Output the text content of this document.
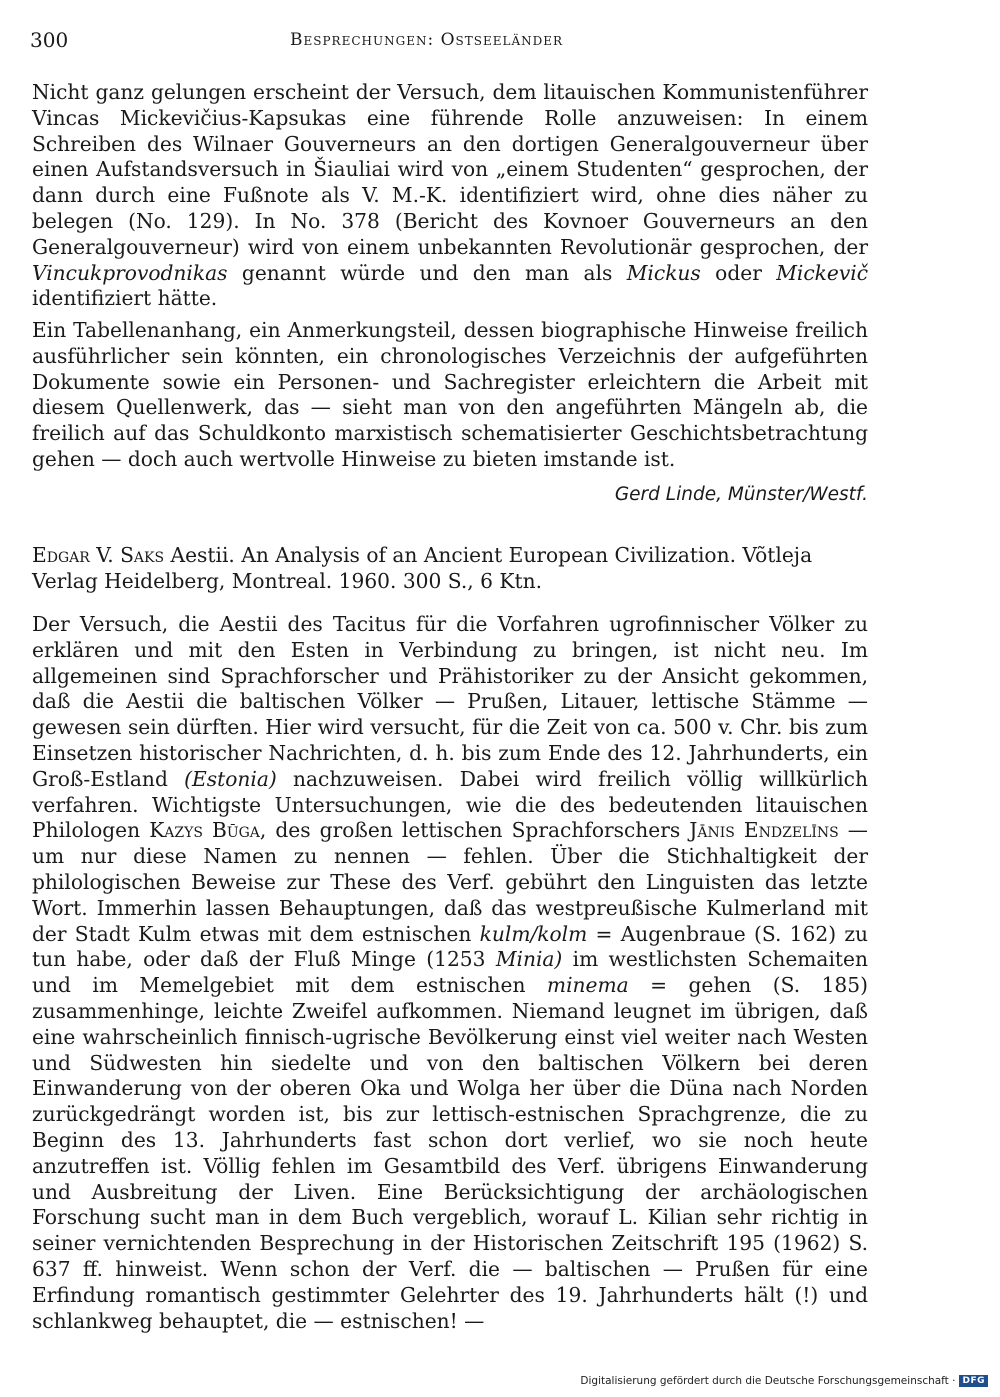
300	Besprechungen: Ostseeländer
Nicht ganz gelungen erscheint der Versuch, dem litauischen Kommunistenführer Vincas Mickevičius-Kapsukas eine führende Rolle anzuweisen: In einem Schreiben des Wilnaer Gouverneurs an den dortigen Generalgouverneur über einen Aufstandsversuch in Šiauliai wird von „einem Studenten“ gesprochen, der dann durch eine Fußnote als V. M.-K. identifiziert wird, ohne dies näher zu belegen (No. 129). In No. 378 (Bericht des Kovnoer Gouverneurs an den Generalgouverneur) wird von einem unbekannten Revolutionär gesprochen, der Vincukprovodnikas genannt würde und den man als Mickus oder Mickevič identifiziert hätte.
Ein Tabellenanhang, ein Anmerkungsteil, dessen biographische Hinweise freilich ausführlicher sein könnten, ein chronologisches Verzeichnis der aufgeführten Dokumente sowie ein Personen- und Sachregister erleichtern die Arbeit mit diesem Quellenwerk, das — sieht man von den angeführten Mängeln ab, die freilich auf das Schuldkonto marxistisch schematisierter Geschichtsbetrachtung gehen — doch auch wertvolle Hinweise zu bieten imstande ist.
Gerd Linde, Münster/Westf.
Edgar V. Saks Aestii. An Analysis of an Ancient European Civilization. Võtleja Verlag Heidelberg, Montreal. 1960. 300 S., 6 Ktn.
Der Versuch, die Aestii des Tacitus für die Vorfahren ugrofinnischer Völker zu erklären und mit den Esten in Verbindung zu bringen, ist nicht neu. Im allgemeinen sind Sprachforscher und Prähistoriker zu der Ansicht gekommen, daß die Aestii die baltischen Völker — Prußen, Litauer, lettische Stämme — gewesen sein dürften. Hier wird versucht, für die Zeit von ca. 500 v. Chr. bis zum Einsetzen historischer Nachrichten, d. h. bis zum Ende des 12. Jahrhunderts, ein Groß-Estland (Estonia) nachzuweisen. Dabei wird freilich völlig willkürlich verfahren. Wichtigste Untersuchungen, wie die des bedeutenden litauischen Philologen Kazys Būga, des großen lettischen Sprachforschers Jānis Endzelīns — um nur diese Namen zu nennen — fehlen. Über die Stichhaltigkeit der philologischen Beweise zur These des Verf. gebührt den Linguisten das letzte Wort. Immerhin lassen Behauptungen, daß das westpreußische Kulmerland mit der Stadt Kulm etwas mit dem estnischen kulm/kolm = Augenbraue (S. 162) zu tun habe, oder daß der Fluß Minge (1253 Minia) im westlichsten Schemaiten und im Memelgebiet mit dem estnischen minema = gehen (S. 185) zusammenhinge, leichte Zweifel aufkommen. Niemand leugnet im übrigen, daß eine wahrscheinlich finnisch-ugrische Bevölkerung einst viel weiter nach Westen und Südwesten hin siedelte und von den baltischen Völkern bei deren Einwanderung von der oberen Oka und Wolga her über die Düna nach Norden zurückgedrängt worden ist, bis zur lettisch-estnischen Sprachgrenze, die zu Beginn des 13. Jahrhunderts fast schon dort verlief, wo sie noch heute anzutreffen ist. Völlig fehlen im Gesamtbild des Verf. übrigens Einwanderung und Ausbreitung der Liven. Eine Berücksichtigung der archäologischen Forschung sucht man in dem Buch vergeblich, worauf L. Kilian sehr richtig in seiner vernichtenden Besprechung in der Historischen Zeitschrift 195 (1962) S. 637 ff. hinweist. Wenn schon der Verf. die — baltischen — Prußen für eine Erfindung romantisch gestimmter Gelehrter des 19. Jahrhunderts hält (!) und schlankweg behauptet, die — estnischen! —
Digitalisierung gefördert durch die Deutsche Forschungsgemeinschaft · DFG
